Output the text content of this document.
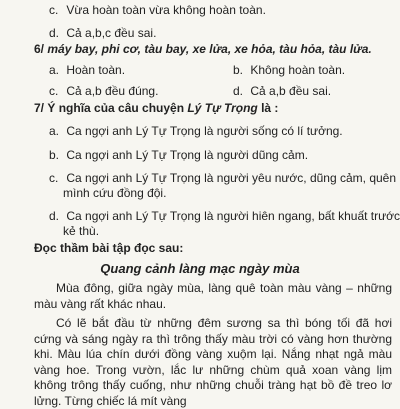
c. Vừa hoàn toàn vừa không hoàn toàn.
d. Cả a,b,c đều sai.
6/ máy bay, phi cơ, tàu bay, xe lửa, xe hỏa, tàu hỏa, tàu lửa.
a. Hoàn toàn.	b. Không hoàn toàn.
c. Cả a,b đều đúng.	d. Cả a,b đều sai.
7/ Ý nghĩa của câu chuyện Lý Tự Trọng là :
a. Ca ngợi anh Lý Tự Trọng là người sống có lí tưởng.
b. Ca ngợi anh Lý Tự Trọng là người dũng cảm.
c. Ca ngợi anh Lý Tự Trọng là người yêu nước, dũng cảm, quên
mình cứu đồng đội.
d. Ca ngợi anh Lý Tự Trọng là người hiên ngang, bất khuất trước
kẻ thù.
Đọc thầm bài tập đọc sau:
Quang cảnh làng mạc ngày mùa
Mùa đông, giữa ngày mùa, làng quê toàn màu vàng – những màu vàng rất khác nhau.
Có lẽ bắt đầu từ những đêm sương sa thì bóng tối đã hơi cứng và sáng ngày ra thì trông thấy màu trời có vàng hơn thường khi. Màu lúa chín dưới đồng vàng xuộm lại. Nắng nhạt ngả màu vàng hoe. Trong vườn, lắc lư những chùm quả xoan vàng lịm không trông thấy cuống, như những chuỗi tràng hạt bồ đề treo lơ lửng. Từng chiếc lá mít vàng
